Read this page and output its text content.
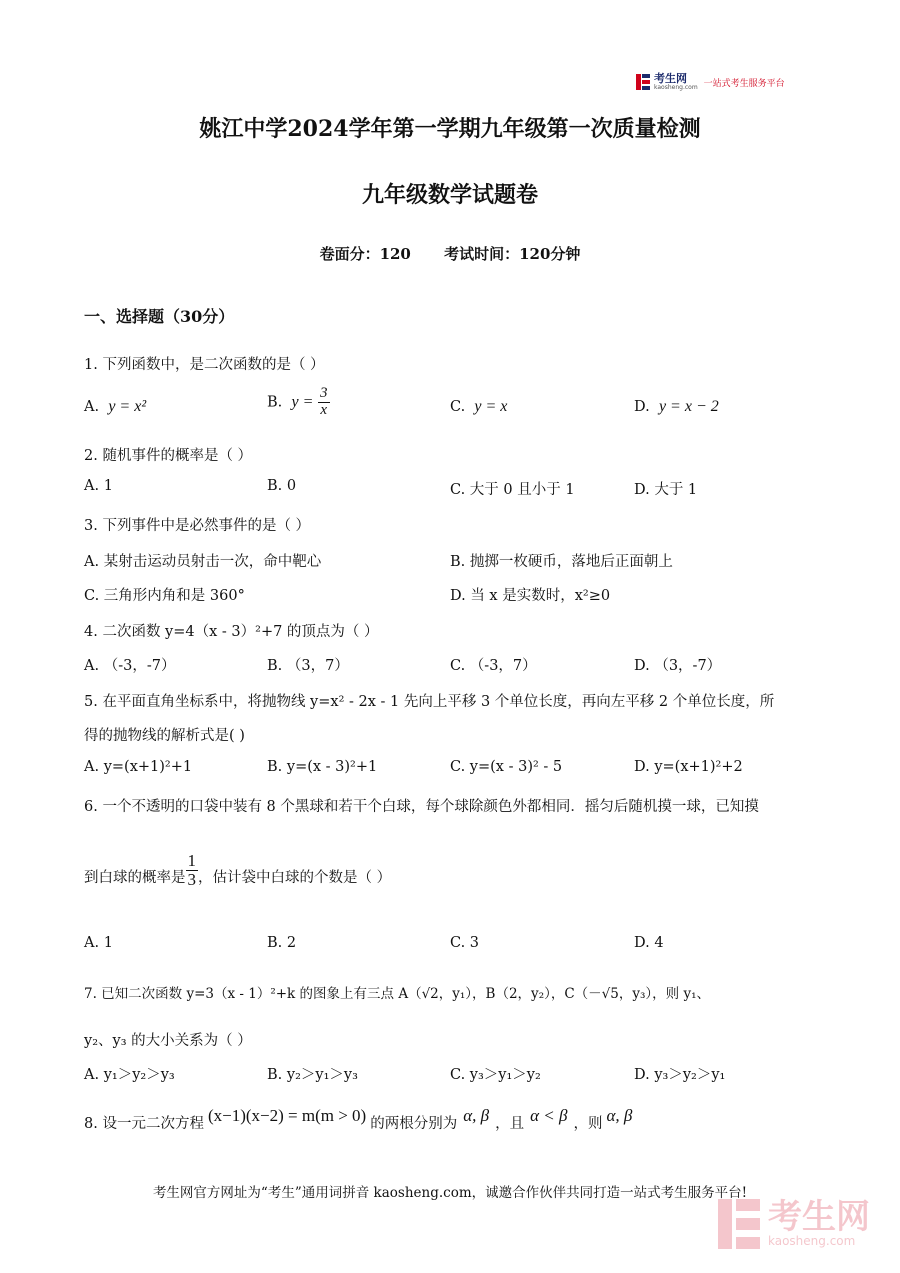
考生网
kaosheng.com 一站式考生服务平台
姚江中学2024学年第一学期九年级第一次质量检测
九年级数学试题卷
卷面分：120 考试时间：120分钟
一、选择题（30分）
1. 下列函数中，是二次函数的是（ ）
A. y = x²	B. $y = \frac{3}{x}$	C. y = x	D. y = x − 2
2. 随机事件的概率是（ ）
A. 1	B. 0	C. 大于 0 且小于 1	D. 大于 1
3. 下列事件中是必然事件的是（ ）
A. 某射击运动员射击一次，命中靶心	B. 抛掷一枚硬币，落地后正面朝上
C. 三角形内角和是 360°	D. 当 x 是实数时，x²≥0
4. 二次函数 y=4（x - 3）²+7 的顶点为（ ）
A. （-3，-7）	B. （3，7）	C. （-3，7）	D. （3，-7）
5. 在平面直角坐标系中，将抛物线 y=x² - 2x - 1 先向上平移 3 个单位长度，再向左平移 2 个单位长度，所
得的抛物线的解析式是( )
A. y=(x+1)²+1	B. y=(x - 3)²+1	C. y=(x - 3)² - 5	D. y=(x+1)²+2
6. 一个不透明的口袋中装有 8 个黑球和若干个白球，每个球除颜色外都相同．摇匀后随机摸一球，已知摸
到白球的概率是 $\frac{1}{3}$ ，估计袋中白球的个数是（ ）
A. 1	B. 2	C. 3	D. 4
7. 已知二次函数 y=3（x - 1）²+k 的图象上有三点 A（√2，y₁），B（2，y₂），C（－√5，y₃），则 y₁、
y₂、y₃ 的大小关系为（ ）
A. y₁＞y₂＞y₃	B. y₂＞y₁＞y₃	C. y₃＞y₁＞y₂	D. y₃＞y₂＞y₁
8. 设一元二次方程 (x−1)(x−2) = m(m > 0) 的两根分别为 α, β ，且 α < β ，则 α, β
考生网官方网址为“考生”通用词拼音 kaosheng.com，诚邀合作伙伴共同打造一站式考生服务平台!
考生网
kaosheng.com
